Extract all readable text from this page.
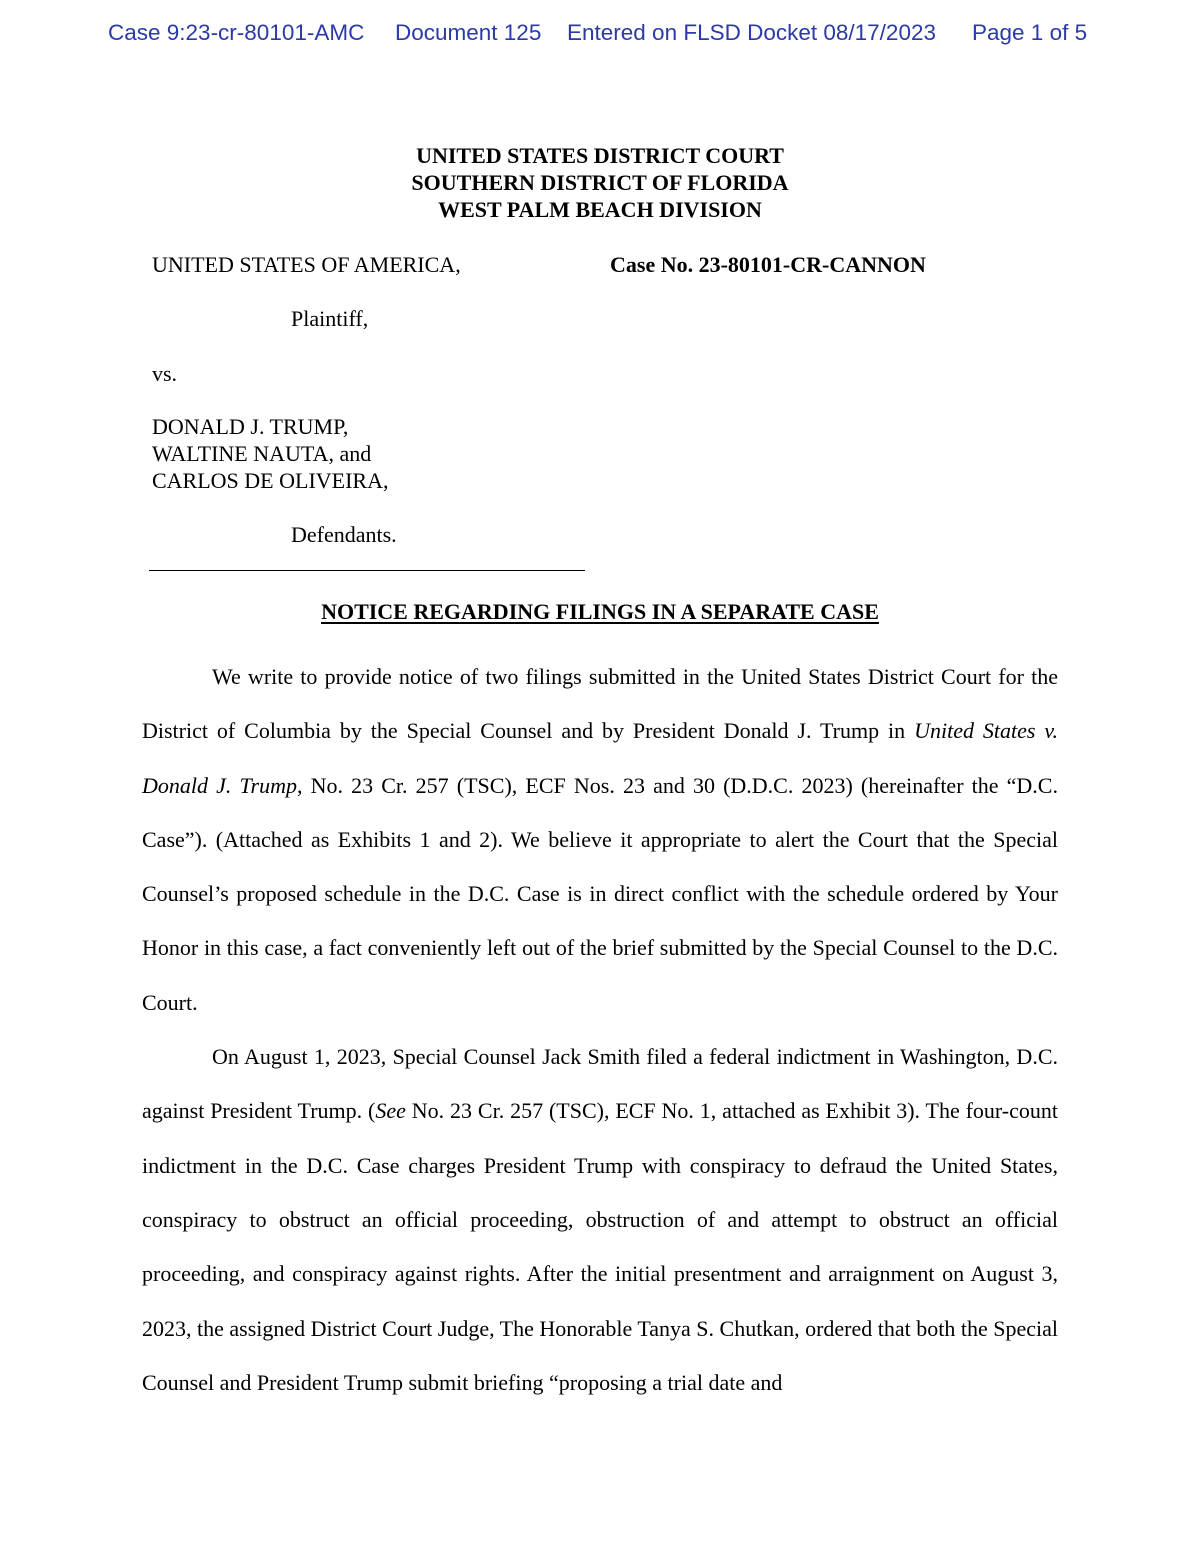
Case 9:23-cr-80101-AMC Document 125 Entered on FLSD Docket 08/17/2023 Page 1 of 5
UNITED STATES DISTRICT COURT
SOUTHERN DISTRICT OF FLORIDA
WEST PALM BEACH DIVISION
UNITED STATES OF AMERICA,	Case No. 23-80101-CR-CANNON
Plaintiff,
vs.
DONALD J. TRUMP,
WALTINE NAUTA, and
CARLOS DE OLIVEIRA,
Defendants.
NOTICE REGARDING FILINGS IN A SEPARATE CASE

We write to provide notice of two filings submitted in the United States District Court for the District of Columbia by the Special Counsel and by President Donald J. Trump in United States v. Donald J. Trump, No. 23 Cr. 257 (TSC), ECF Nos. 23 and 30 (D.D.C. 2023) (hereinafter the “D.C. Case”). (Attached as Exhibits 1 and 2). We believe it appropriate to alert the Court that the Special Counsel’s proposed schedule in the D.C. Case is in direct conflict with the schedule ordered by Your Honor in this case, a fact conveniently left out of the brief submitted by the Special Counsel to the D.C. Court.

On August 1, 2023, Special Counsel Jack Smith filed a federal indictment in Washington, D.C. against President Trump. (See No. 23 Cr. 257 (TSC), ECF No. 1, attached as Exhibit 3). The four-count indictment in the D.C. Case charges President Trump with conspiracy to defraud the United States, conspiracy to obstruct an official proceeding, obstruction of and attempt to obstruct an official proceeding, and conspiracy against rights. After the initial presentment and arraignment on August 3, 2023, the assigned District Court Judge, The Honorable Tanya S. Chutkan, ordered that both the Special Counsel and President Trump submit briefing “proposing a trial date and
